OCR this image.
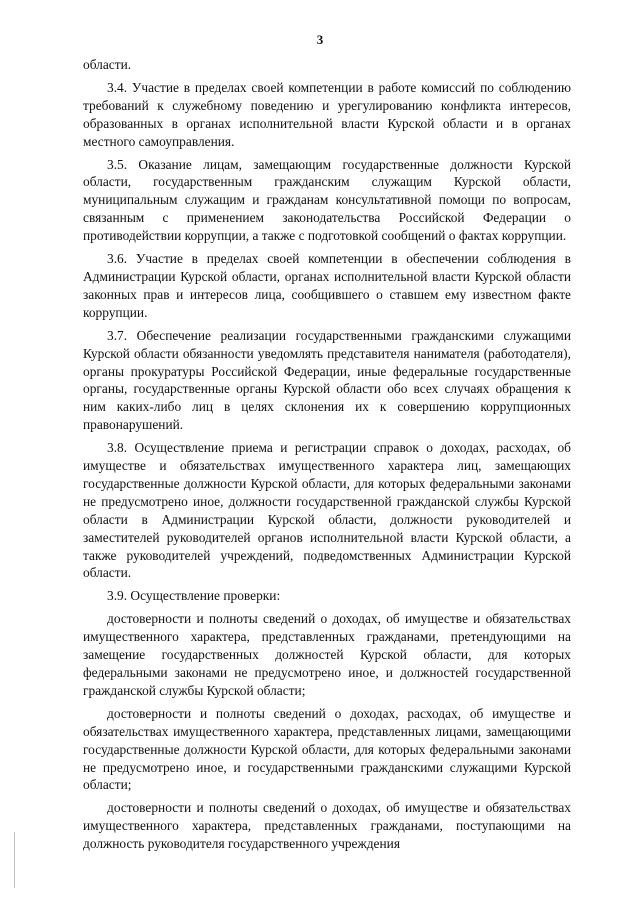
3

области.

3.4. Участие в пределах своей компетенции в работе комиссий по соблюдению требований к служебному поведению и урегулированию конфликта интересов, образованных в органах исполнительной власти Курской области и в органах местного самоуправления.

3.5. Оказание лицам, замещающим государственные должности Курской области, государственным гражданским служащим Курской области, муниципальным служащим и гражданам консультативной помощи по вопросам, связанным с применением законодательства Российской Федерации о противодействии коррупции, а также с подготовкой сообщений о фактах коррупции.

3.6. Участие в пределах своей компетенции в обеспечении соблюдения в Администрации Курской области, органах исполнительной власти Курской области законных прав и интересов лица, сообщившего о ставшем ему известном факте коррупции.

3.7. Обеспечение реализации государственными гражданскими служащими Курской области обязанности уведомлять представителя нанимателя (работодателя), органы прокуратуры Российской Федерации, иные федеральные государственные органы, государственные органы Курской области обо всех случаях обращения к ним каких-либо лиц в целях склонения их к совершению коррупционных правонарушений.

3.8. Осуществление приема и регистрации справок о доходах, расходах, об имуществе и обязательствах имущественного характера лиц, замещающих государственные должности Курской области, для которых федеральными законами не предусмотрено иное, должности государственной гражданской службы Курской области в Администрации Курской области, должности руководителей и заместителей руководителей органов исполнительной власти Курской области, а также руководителей учреждений, подведомственных Администрации Курской области.

3.9. Осуществление проверки:

достоверности и полноты сведений о доходах, об имуществе и обязательствах имущественного характера, представленных гражданами, претендующими на замещение государственных должностей Курской области, для которых федеральными законами не предусмотрено иное, и должностей государственной гражданской службы Курской области;

достоверности и полноты сведений о доходах, расходах, об имуществе и обязательствах имущественного характера, представленных лицами, замещающими государственные должности Курской области, для которых федеральными законами не предусмотрено иное, и государственными гражданскими служащими Курской области;

достоверности и полноты сведений о доходах, об имуществе и обязательствах имущественного характера, представленных гражданами, поступающими на должность руководителя государственного учреждения
